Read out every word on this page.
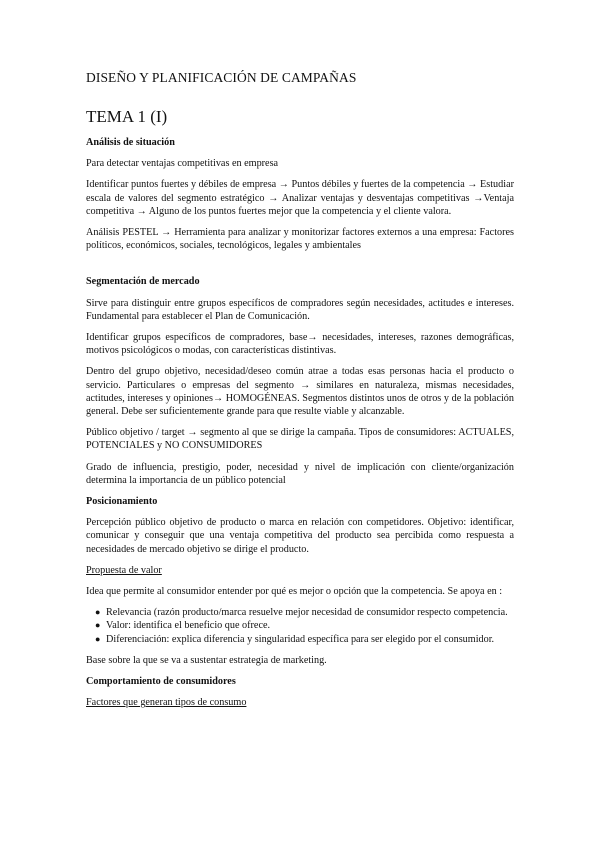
DISEÑO Y PLANIFICACIÓN DE CAMPAÑAS
TEMA 1 (I)
Análisis de situación

Para detectar ventajas competitivas en empresa

Identificar puntos fuertes y débiles de empresa → Puntos débiles y fuertes de la competencia → Estudiar escala de valores del segmento estratégico → Analizar ventajas y desventajas competitivas →Ventaja competitiva → Alguno de los puntos fuertes mejor que la competencia y el cliente valora.

Análisis PESTEL → Herramienta para analizar y monitorizar factores externos a una empresa: Factores políticos, económicos, sociales, tecnológicos, legales y ambientales

Segmentación de mercado

Sirve para distinguir entre grupos específicos de compradores según necesidades, actitudes e intereses. Fundamental para establecer el Plan de Comunicación.

Identificar grupos específicos de compradores, base→ necesidades, intereses, razones demográficas, motivos psicológicos o modas, con características distintivas.

Dentro del grupo objetivo, necesidad/deseo común atrae a todas esas personas hacia el producto o servicio. Particulares o empresas del segmento → similares en naturaleza, mismas necesidades, actitudes, intereses y opiniones→ HOMOGÉNEAS. Segmentos distintos unos de otros y de la población general. Debe ser suficientemente grande para que resulte viable y alcanzable.

Público objetivo / target → segmento al que se dirige la campaña. Tipos de consumidores: ACTUALES, POTENCIALES y NO CONSUMIDORES

Grado de influencia, prestigio, poder, necesidad y nivel de implicación con cliente/organización determina la importancia de un público potencial

Posicionamiento

Percepción público objetivo de producto o marca en relación con competidores. Objetivo: identificar, comunicar y conseguir que una ventaja competitiva del producto sea percibida como respuesta a necesidades de mercado objetivo se dirige el producto.

Propuesta de valor

Idea que permite al consumidor entender por qué es mejor o opción que la competencia. Se apoya en :

● Relevancia (razón producto/marca resuelve mejor necesidad de consumidor respecto competencia.
● Valor: identifica el beneficio que ofrece.
● Diferenciación: explica diferencia y singularidad específica para ser elegido por el consumidor.

Base sobre la que se va a sustentar estrategia de marketing.

Comportamiento de consumidores
Factores que generan tipos de consumo
